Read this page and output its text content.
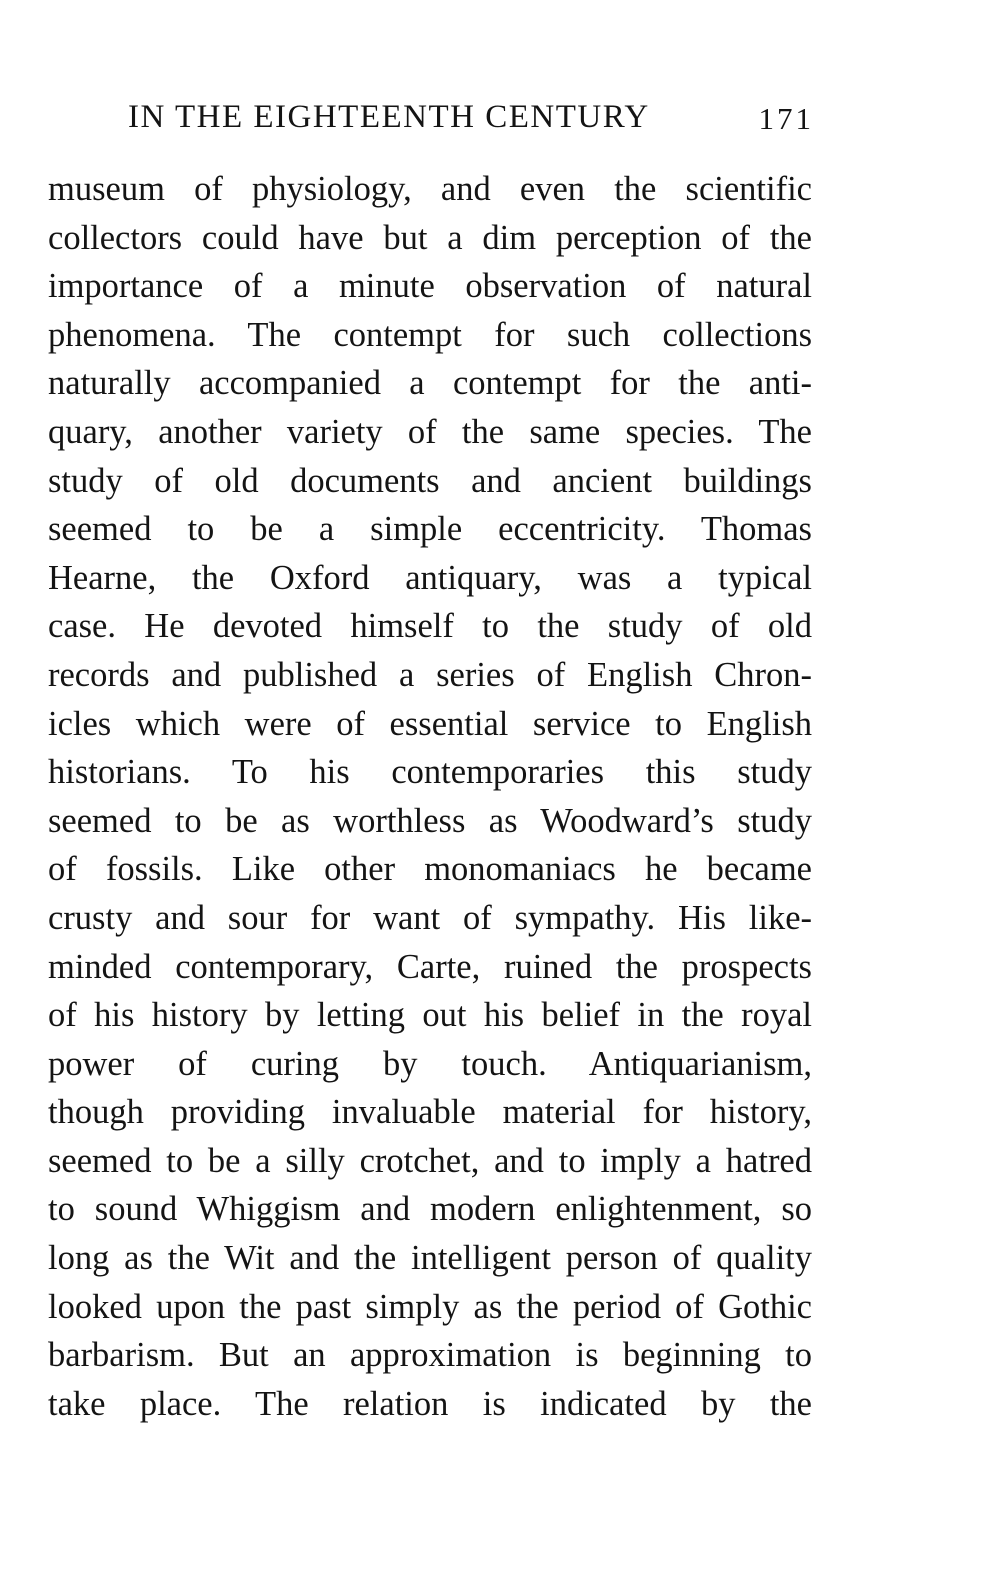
IN THE EIGHTEENTH CENTURY	171
museum of physiology, and even the scientific
collectors could have but a dim perception of the
importance of a minute observation of natural
phenomena. The contempt for such collections
naturally accompanied a contempt for the anti-
quary, another variety of the same species. The
study of old documents and ancient buildings
seemed to be a simple eccentricity. Thomas
Hearne, the Oxford antiquary, was a typical
case. He devoted himself to the study of old
records and published a series of English Chron-
icles which were of essential service to English
historians. To his contemporaries this study
seemed to be as worthless as Woodward’s study
of fossils. Like other monomaniacs he became
crusty and sour for want of sympathy. His like-
minded contemporary, Carte, ruined the prospects
of his history by letting out his belief in the royal
power of curing by touch. Antiquarianism,
though providing invaluable material for history,
seemed to be a silly crotchet, and to imply a hatred
to sound Whiggism and modern enlightenment, so
long as the Wit and the intelligent person of quality
looked upon the past simply as the period of Gothic
barbarism. But an approximation is beginning to
take place. The relation is indicated by the
